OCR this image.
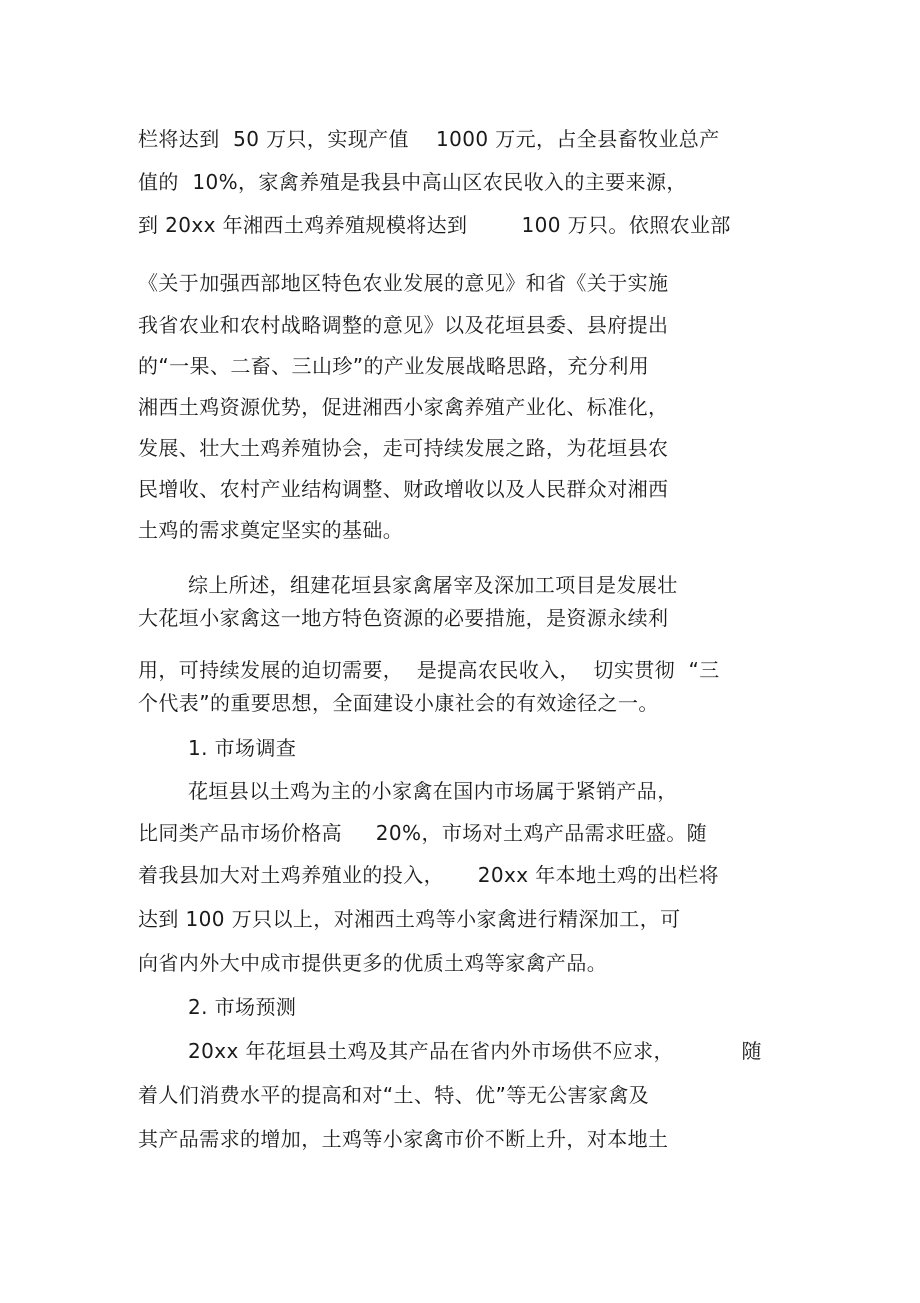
栏将达到  50 万只，实现产值    1000 万元，占全县畜牧业总产
值的  10%，家禽养殖是我县中高山区农民收入的主要来源，
到 20xx 年湘西土鸡养殖规模将达到        100 万只。依照农业部
《关于加强西部地区特色农业发展的意见》和省《关于实施
我省农业和农村战略调整的意见》以及花垣县委、县府提出
的“一果、二畜、三山珍”的产业发展战略思路，充分利用
湘西土鸡资源优势，促进湘西小家禽养殖产业化、标准化，
发展、壮大土鸡养殖协会，走可持续发展之路，为花垣县农
民增收、农村产业结构调整、财政增收以及人民群众对湘西
土鸡的需求奠定坚实的基础。
综上所述，组建花垣县家禽屠宰及深加工项目是发展壮
大花垣小家禽这一地方特色资源的必要措施，是资源永续利
用，可持续发展的迫切需要，  是提高农民收入，  切实贯彻  “三
个代表”的重要思想，全面建设小康社会的有效途径之一。
1. 市场调查
花垣县以土鸡为主的小家禽在国内市场属于紧销产品，
比同类产品市场价格高     20%，市场对土鸡产品需求旺盛。随
着我县加大对土鸡养殖业的投入，     20xx 年本地土鸡的出栏将
达到 100 万只以上，对湘西土鸡等小家禽进行精深加工，可
向省内外大中成市提供更多的优质土鸡等家禽产品。
2. 市场预测
20xx 年花垣县土鸡及其产品在省内外市场供不应求，          随
着人们消费水平的提高和对“土、特、优”等无公害家禽及
其产品需求的增加，土鸡等小家禽市价不断上升，对本地土
